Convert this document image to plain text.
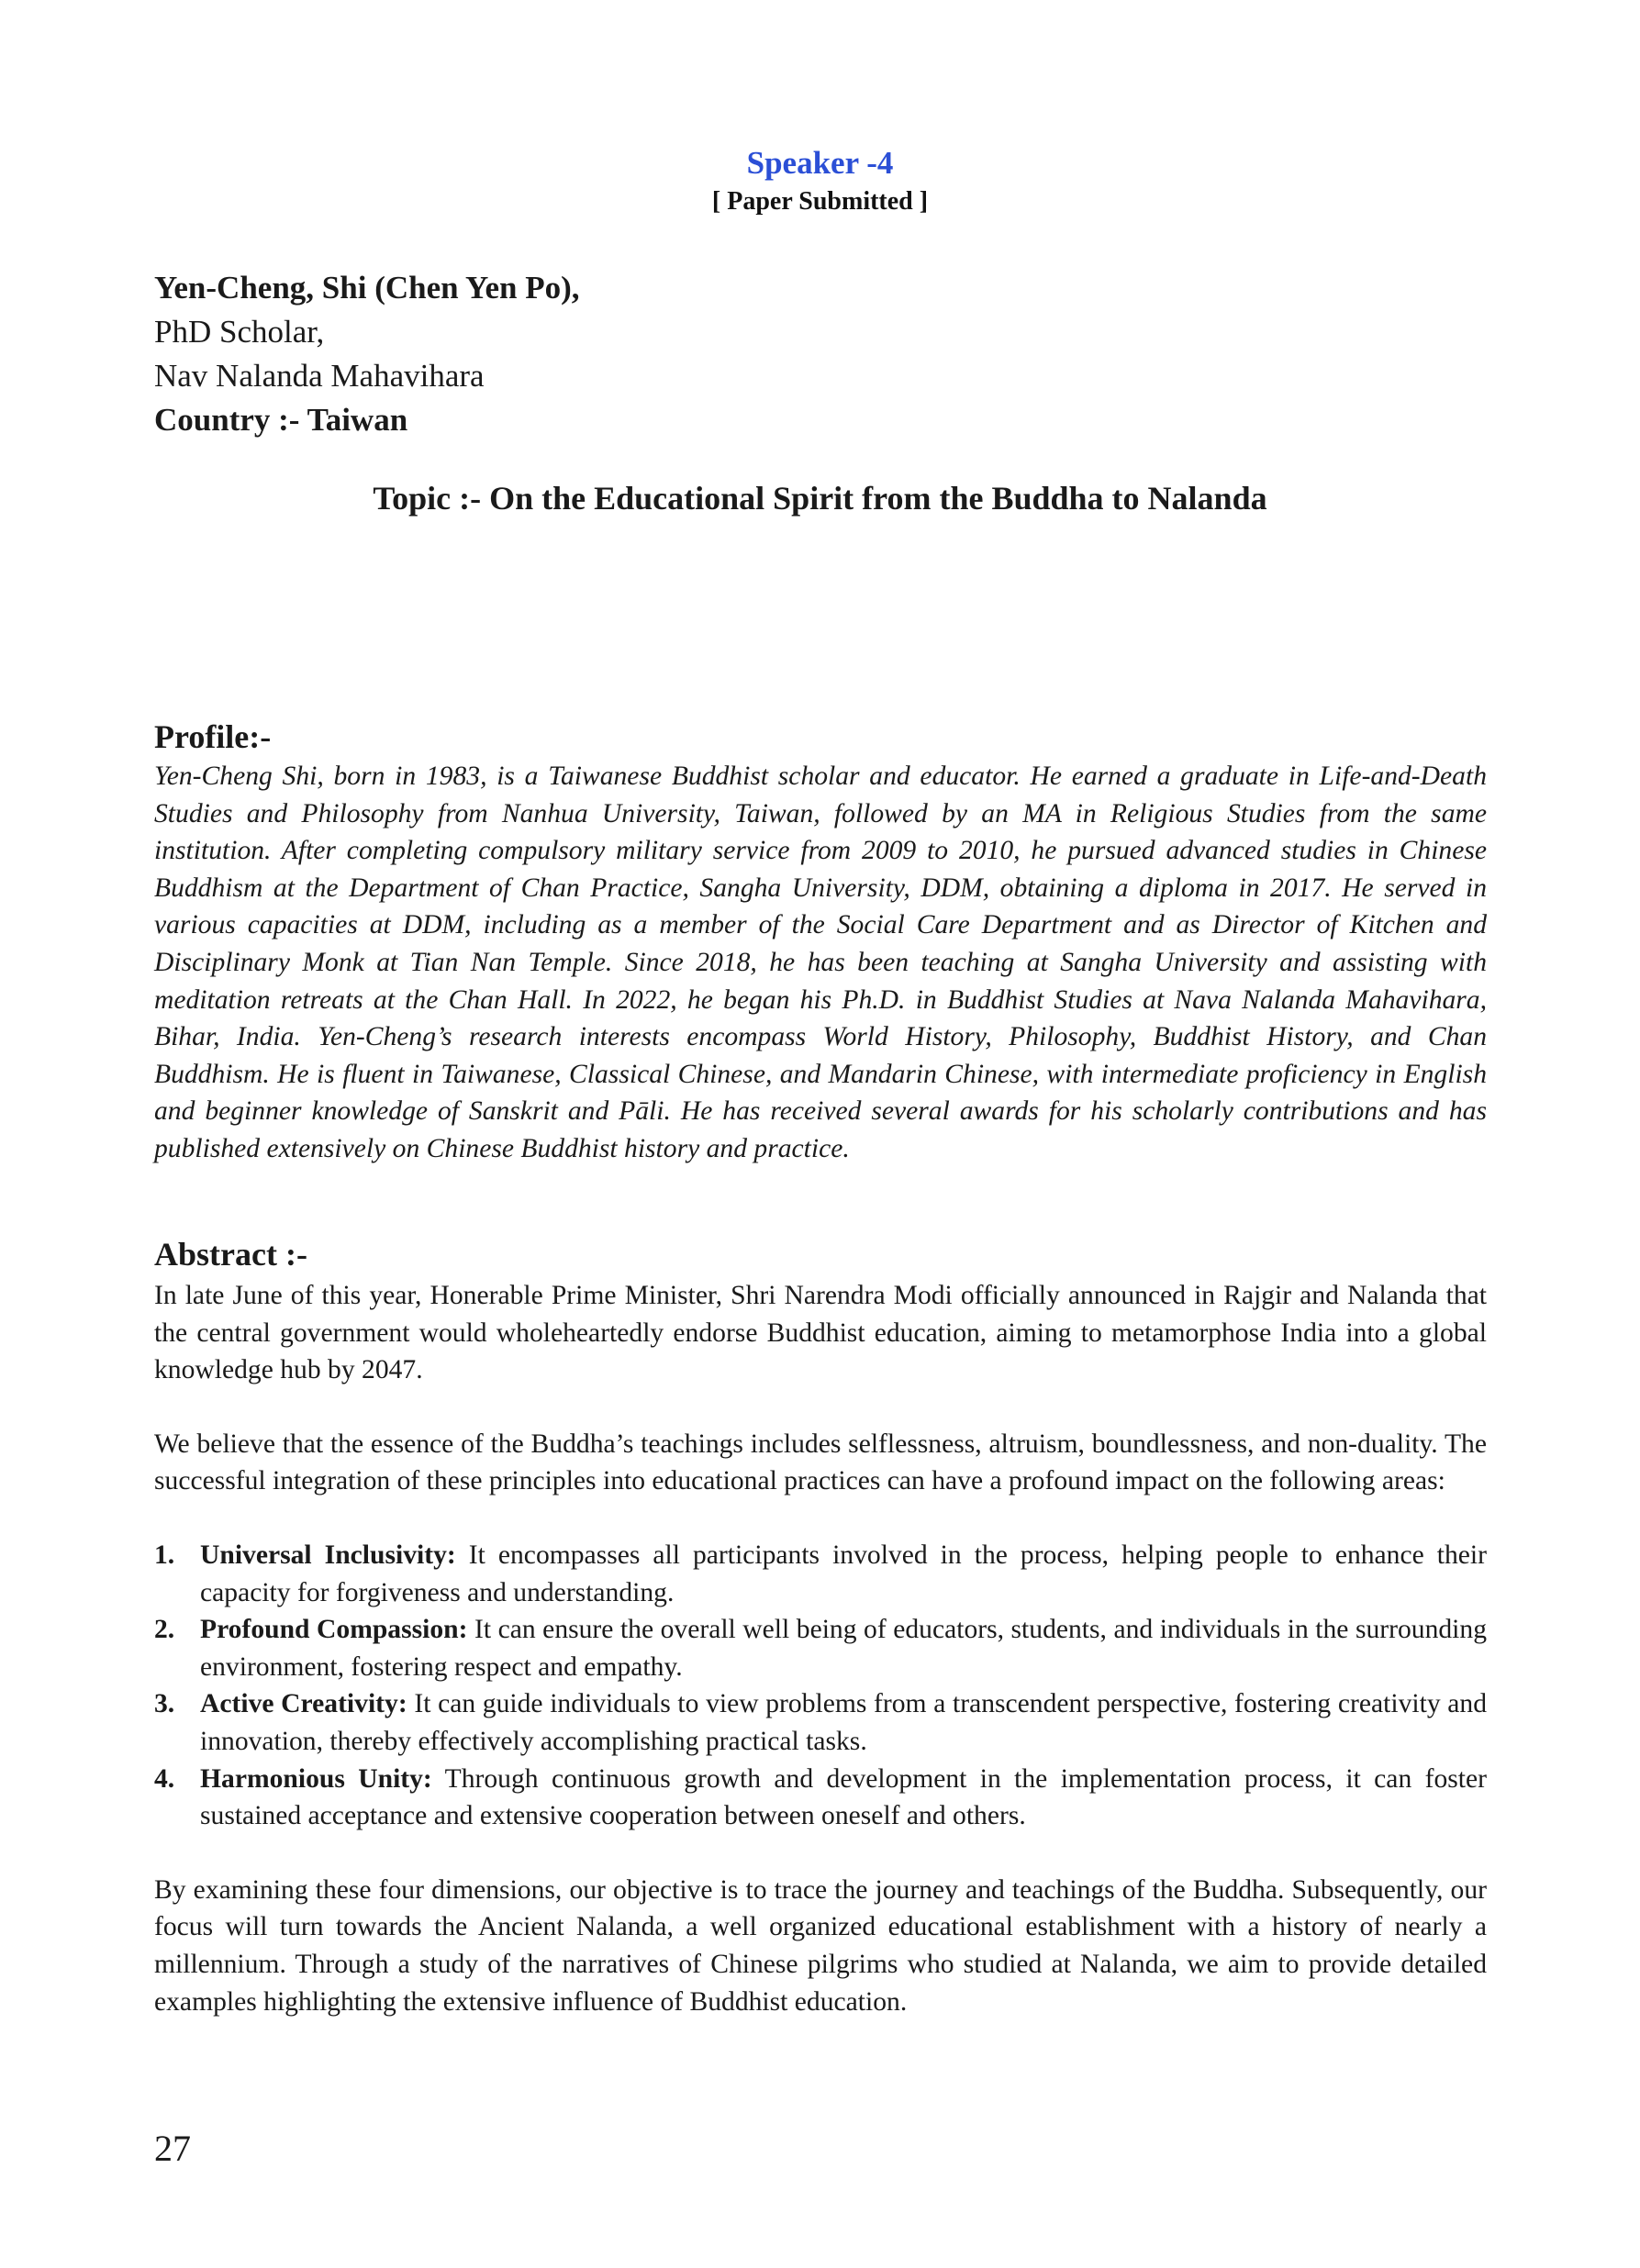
Speaker -4
[ Paper Submitted ]
Yen-Cheng, Shi (Chen Yen Po),
PhD Scholar,
Nav Nalanda Mahavihara
Country :- Taiwan
Topic :- On the Educational Spirit from the Buddha to Nalanda
Profile:-

Yen-Cheng Shi, born in 1983, is a Taiwanese Buddhist scholar and educator. He earned a graduate in Life-and-Death Studies and Philosophy from Nanhua University, Taiwan, followed by an MA in Religious Studies from the same institution. After completing compulsory military service from 2009 to 2010, he pursued advanced studies in Chinese Buddhism at the Department of Chan Practice, Sangha University, DDM, obtaining a diploma in 2017. He served in various capacities at DDM, including as a member of the Social Care Department and as Director of Kitchen and Disciplinary Monk at Tian Nan Temple. Since 2018, he has been teaching at Sangha University and assisting with meditation retreats at the Chan Hall. In 2022, he began his Ph.D. in Buddhist Studies at Nava Nalanda Mahavihara, Bihar, India. Yen-Cheng’s research interests encompass World History, Philosophy, Buddhist History, and Chan Buddhism. He is fluent in Taiwanese, Classical Chinese, and Mandarin Chinese, with intermediate proficiency in English and beginner knowledge of Sanskrit and Pāli. He has received several awards for his scholarly contributions and has published extensively on Chinese Buddhist history and practice.

Abstract :-

In late June of this year, Honerable Prime Minister, Shri Narendra Modi officially announced in Rajgir and Nalanda that the central government would wholeheartedly endorse Buddhist education, aiming to metamorphose India into a global knowledge hub by 2047.

We believe that the essence of the Buddha’s teachings includes selflessness, altruism, boundlessness, and non-duality. The successful integration of these principles into educational practices can have a profound impact on the following areas:

1. Universal Inclusivity: It encompasses all participants involved in the process, helping people to enhance their capacity for forgiveness and understanding.
2. Profound Compassion: It can ensure the overall well being of educators, students, and individuals in the surrounding environment, fostering respect and empathy.
3. Active Creativity: It can guide individuals to view problems from a transcendent perspective, fostering creativity and innovation, thereby effectively accomplishing practical tasks.
4. Harmonious Unity: Through continuous growth and development in the implementation process, it can foster sustained acceptance and extensive cooperation between oneself and others.

By examining these four dimensions, our objective is to trace the journey and teachings of the Buddha. Subsequently, our focus will turn towards the Ancient Nalanda, a well organized educational establishment with a history of nearly a millennium. Through a study of the narratives of Chinese pilgrims who studied at Nalanda, we aim to provide detailed examples highlighting the extensive influence of Buddhist education.

27
